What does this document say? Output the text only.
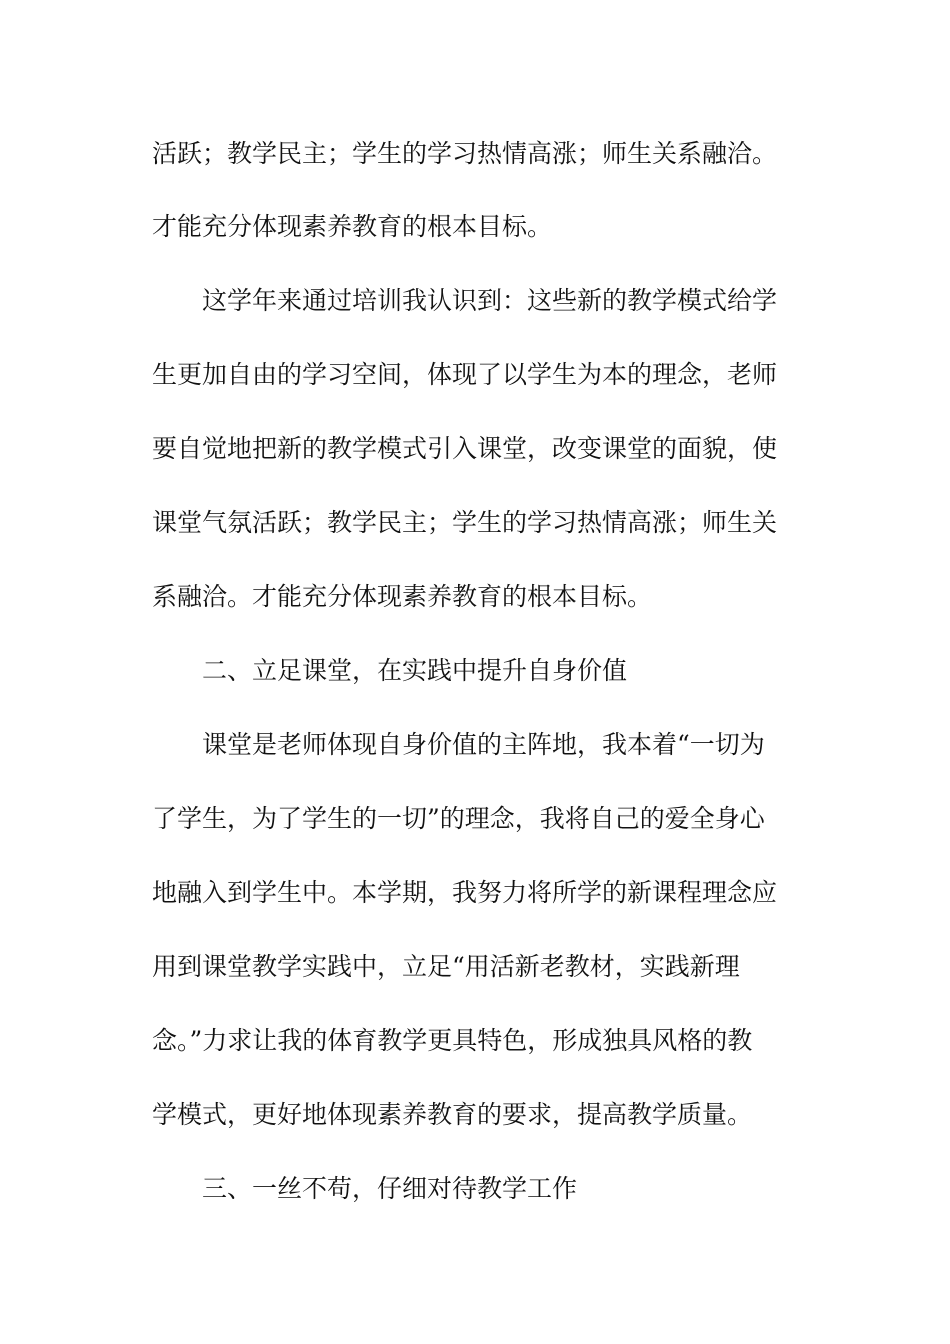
活跃；教学民主；学生的学习热情高涨；师生关系融洽。
才能充分体现素养教育的根本目标。
这学年来通过培训我认识到：这些新的教学模式给学
生更加自由的学习空间，体现了以学生为本的理念，老师
要自觉地把新的教学模式引入课堂，改变课堂的面貌，使
课堂气氛活跃；教学民主；学生的学习热情高涨；师生关
系融洽。才能充分体现素养教育的根本目标。
二、立足课堂，在实践中提升自身价值
课堂是老师体现自身价值的主阵地，我本着“一切为
了学生，为了学生的一切”的理念，我将自己的爱全身心
地融入到学生中。本学期，我努力将所学的新课程理念应
用到课堂教学实践中，立足“用活新老教材，实践新理
念。”力求让我的体育教学更具特色，形成独具风格的教
学模式，更好地体现素养教育的要求，提高教学质量。
三、一丝不苟，仔细对待教学工作
